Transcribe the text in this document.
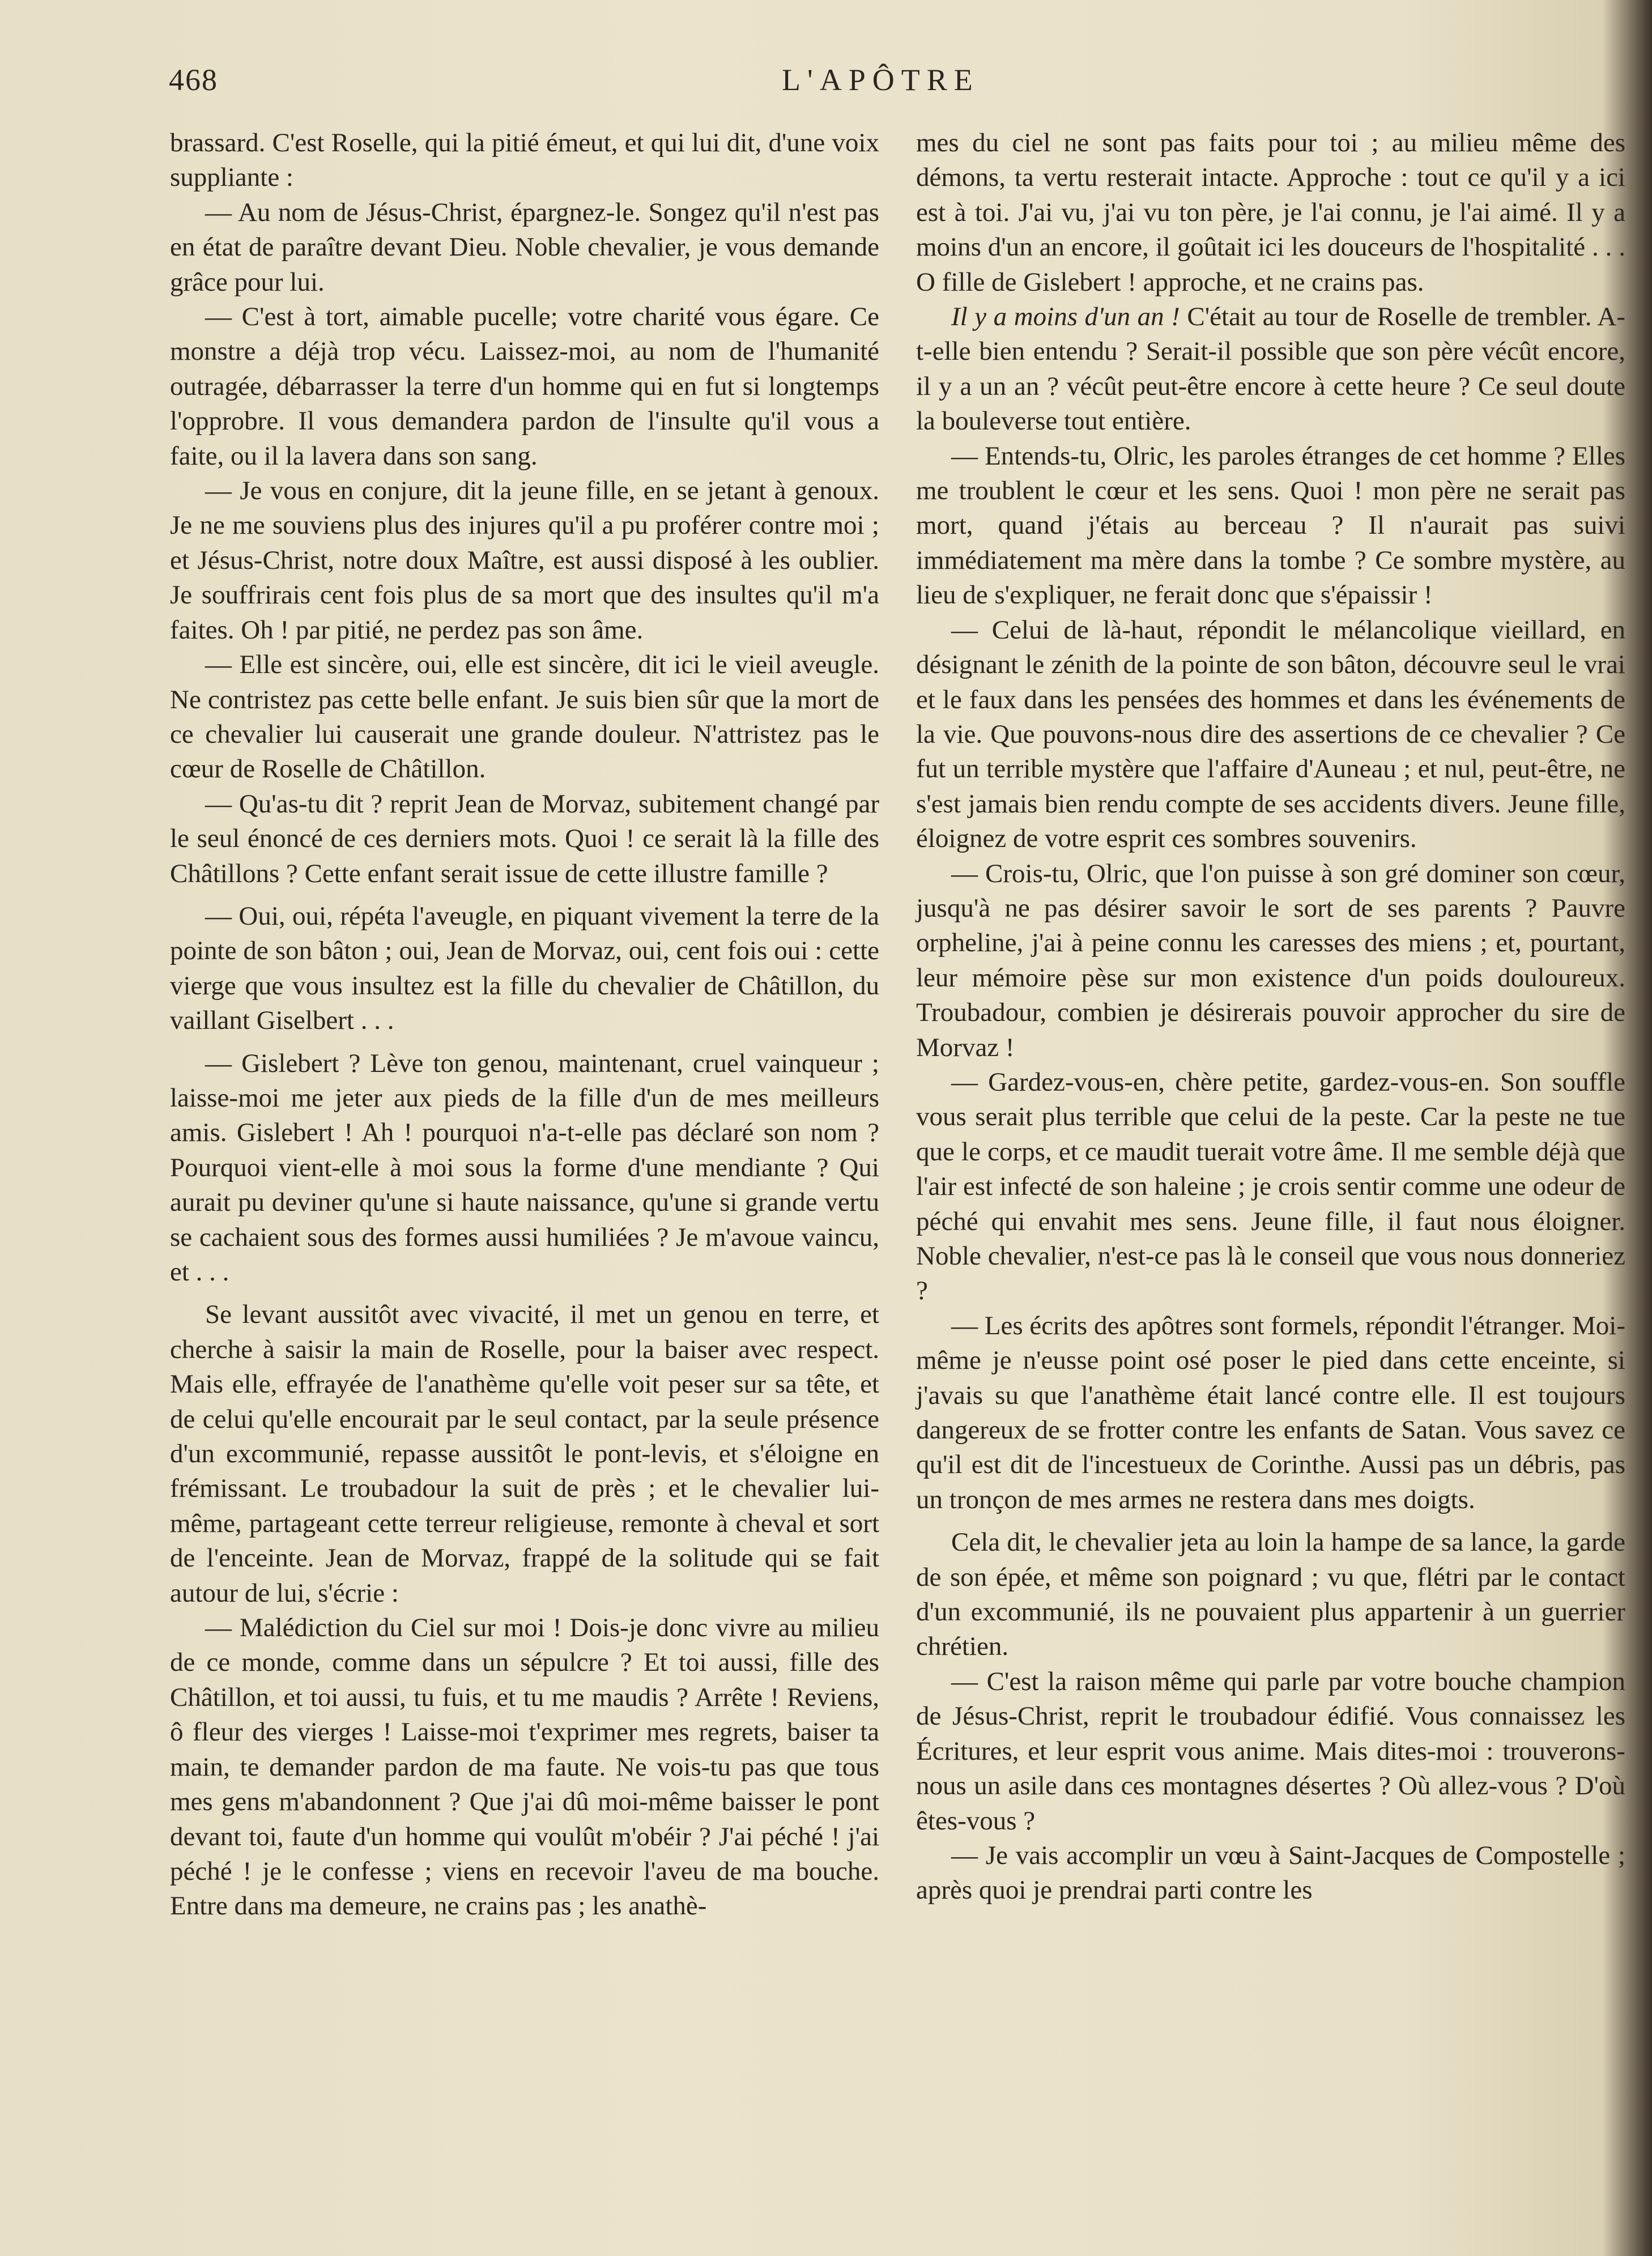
468	L'APÔTRE

brassard. C'est Roselle, qui la pitié émeut, et qui lui dit, d'une voix suppliante :

— Au nom de Jésus-Christ, épargnez-le. Songez qu'il n'est pas en état de paraître devant Dieu. Noble chevalier, je vous demande grâce pour lui.

— C'est à tort, aimable pucelle; votre charité vous égare. Ce monstre a déjà trop vécu. Laissez-moi, au nom de l'humanité outragée, débarrasser la terre d'un homme qui en fut si longtemps l'opprobre. Il vous demandera pardon de l'insulte qu'il vous a faite, ou il la lavera dans son sang.

— Je vous en conjure, dit la jeune fille, en se jetant à genoux. Je ne me souviens plus des injures qu'il a pu proférer contre moi ; et Jésus-Christ, notre doux Maître, est aussi disposé à les oublier. Je souffrirais cent fois plus de sa mort que des insultes qu'il m'a faites. Oh ! par pitié, ne perdez pas son âme.

— Elle est sincère, oui, elle est sincère, dit ici le vieil aveugle. Ne contristez pas cette belle enfant. Je suis bien sûr que la mort de ce chevalier lui causerait une grande douleur. N'attristez pas le cœur de Roselle de Châtillon.

— Qu'as-tu dit ? reprit Jean de Morvaz, subitement changé par le seul énoncé de ces derniers mots. Quoi ! ce serait là la fille des Châtillons ? Cette enfant serait issue de cette illustre famille ?

— Oui, oui, répéta l'aveugle, en piquant vivement la terre de la pointe de son bâton ; oui, Jean de Morvaz, oui, cent fois oui : cette vierge que vous insultez est la fille du chevalier de Châtillon, du vaillant Giselbert . . .

— Gislebert ? Lève ton genou, maintenant, cruel vainqueur ; laisse-moi me jeter aux pieds de la fille d'un de mes meilleurs amis. Gislebert ! Ah ! pourquoi n'a-t-elle pas déclaré son nom ? Pourquoi vient-elle à moi sous la forme d'une mendiante ? Qui aurait pu deviner qu'une si haute naissance, qu'une si grande vertu se cachaient sous des formes aussi humiliées ? Je m'avoue vaincu, et . . .

Se levant aussitôt avec vivacité, il met un genou en terre, et cherche à saisir la main de Roselle, pour la baiser avec respect. Mais elle, effrayée de l'anathème qu'elle voit peser sur sa tête, et de celui qu'elle encourait par le seul contact, par la seule présence d'un excommunié, repasse aussitôt le pont-levis, et s'éloigne en frémissant. Le troubadour la suit de près ; et le chevalier lui-même, partageant cette terreur religieuse, remonte à cheval et sort de l'enceinte. Jean de Morvaz, frappé de la solitude qui se fait autour de lui, s'écrie :

— Malédiction du Ciel sur moi ! Dois-je donc vivre au milieu de ce monde, comme dans un sépulcre ? Et toi aussi, fille des Châtillon, et toi aussi, tu fuis, et tu me maudis ? Arrête ! Reviens, ô fleur des vierges ! Laisse-moi t'exprimer mes regrets, baiser ta main, te demander pardon de ma faute. Ne vois-tu pas que tous mes gens m'abandonnent ? Que j'ai dû moi-même baisser le pont devant toi, faute d'un homme qui voulût m'obéir ? J'ai péché ! j'ai péché ! je le confesse ; viens en recevoir l'aveu de ma bouche. Entre dans ma demeure, ne crains pas ; les anathè-

mes du ciel ne sont pas faits pour toi ; au milieu même des démons, ta vertu resterait intacte. Approche : tout ce qu'il y a ici est à toi. J'ai vu, j'ai vu ton père, je l'ai connu, je l'ai aimé. Il y a moins d'un an encore, il goûtait ici les douceurs de l'hospitalité . . . O fille de Gislebert ! approche, et ne crains pas.

Il y a moins d'un an ! C'était au tour de Roselle de trembler. A-t-elle bien entendu ? Serait-il possible que son père vécût encore, il y a un an ? vécût peut-être encore à cette heure ? Ce seul doute la bouleverse tout entière.

— Entends-tu, Olric, les paroles étranges de cet homme ? Elles me troublent le cœur et les sens. Quoi ! mon père ne serait pas mort, quand j'étais au berceau ? Il n'aurait pas suivi immédiatement ma mère dans la tombe ? Ce sombre mystère, au lieu de s'expliquer, ne ferait donc que s'épaissir !

— Celui de là-haut, répondit le mélancolique vieillard, en désignant le zénith de la pointe de son bâton, découvre seul le vrai et le faux dans les pensées des hommes et dans les événements de la vie. Que pouvons-nous dire des assertions de ce chevalier ? Ce fut un terrible mystère que l'affaire d'Auneau ; et nul, peut-être, ne s'est jamais bien rendu compte de ses accidents divers. Jeune fille, éloignez de votre esprit ces sombres souvenirs.

— Crois-tu, Olric, que l'on puisse à son gré dominer son cœur, jusqu'à ne pas désirer savoir le sort de ses parents ? Pauvre orpheline, j'ai à peine connu les caresses des miens ; et, pourtant, leur mémoire pèse sur mon existence d'un poids douloureux. Troubadour, combien je désirerais pouvoir approcher du sire de Morvaz !

— Gardez-vous-en, chère petite, gardez-vous-en. Son souffle vous serait plus terrible que celui de la peste. Car la peste ne tue que le corps, et ce maudit tuerait votre âme. Il me semble déjà que l'air est infecté de son haleine ; je crois sentir comme une odeur de péché qui envahit mes sens. Jeune fille, il faut nous éloigner. Noble chevalier, n'est-ce pas là le conseil que vous nous donneriez ?

— Les écrits des apôtres sont formels, répondit l'étranger. Moi-même je n'eusse point osé poser le pied dans cette enceinte, si j'avais su que l'anathème était lancé contre elle. Il est toujours dangereux de se frotter contre les enfants de Satan. Vous savez ce qu'il est dit de l'incestueux de Corinthe. Aussi pas un débris, pas un tronçon de mes armes ne restera dans mes doigts.

Cela dit, le chevalier jeta au loin la hampe de sa lance, la garde de son épée, et même son poignard ; vu que, flétri par le contact d'un excommunié, ils ne pouvaient plus appartenir à un guerrier chrétien.

— C'est la raison même qui parle par votre bouche champion de Jésus-Christ, reprit le troubadour édifié. Vous connaissez les Écritures, et leur esprit vous anime. Mais dites-moi : trouverons-nous un asile dans ces montagnes désertes ? Où allez-vous ? D'où êtes-vous ?

— Je vais accomplir un vœu à Saint-Jacques de Compostelle ; après quoi je prendrai parti contre les
